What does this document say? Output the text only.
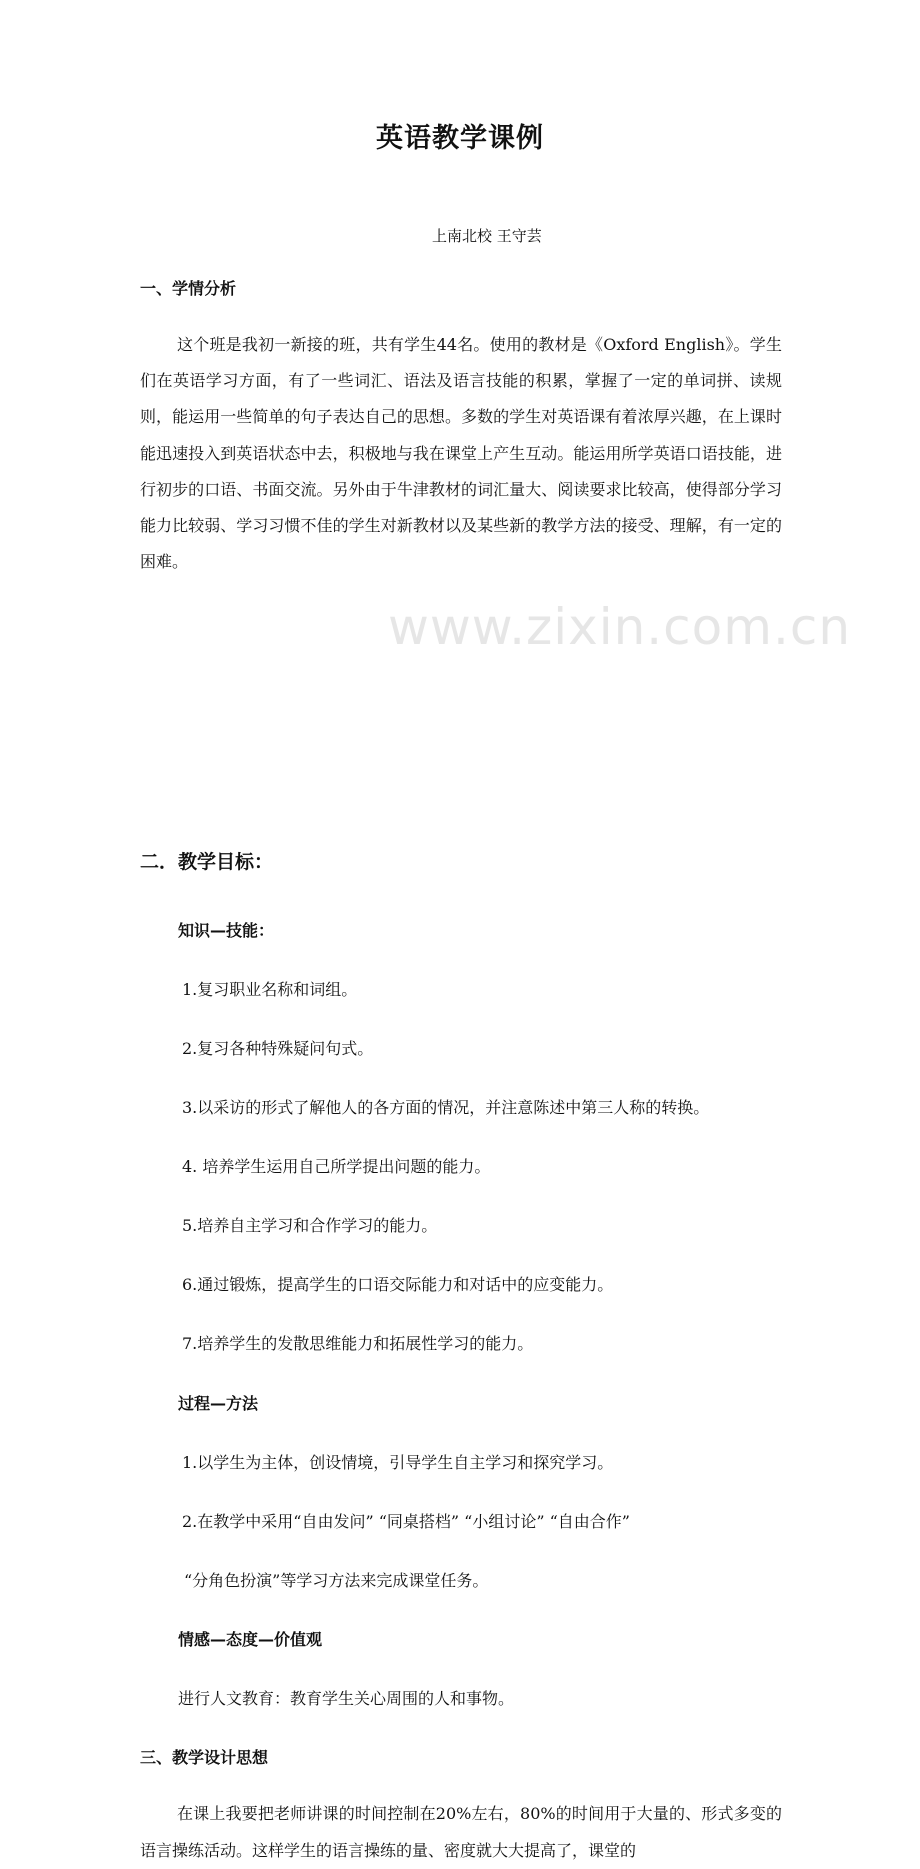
www.zixin.com.cn
英语教学课例
上南北校 王守芸
一、学情分析
这个班是我初一新接的班，共有学生44名。使用的教材是《Oxford English》。学生们在英语学习方面，有了一些词汇、语法及语言技能的积累，掌握了一定的单词拼、读规则，能运用一些简单的句子表达自己的思想。多数的学生对英语课有着浓厚兴趣，在上课时能迅速投入到英语状态中去，积极地与我在课堂上产生互动。能运用所学英语口语技能，进行初步的口语、书面交流。另外由于牛津教材的词汇量大、阅读要求比较高，使得部分学习能力比较弱、学习习惯不佳的学生对新教材以及某些新的教学方法的接受、理解，有一定的困难。
二．教学目标：
知识—技能：
1.复习职业名称和词组。
2.复习各种特殊疑问句式。
3.以采访的形式了解他人的各方面的情况，并注意陈述中第三人称的转换。
4. 培养学生运用自己所学提出问题的能力。
5.培养自主学习和合作学习的能力。
6.通过锻炼，提高学生的口语交际能力和对话中的应变能力。
7.培养学生的发散思维能力和拓展性学习的能力。
过程—方法
1.以学生为主体，创设情境，引导学生自主学习和探究学习。
2.在教学中采用“自由发问” “同桌搭档” “小组讨论” “自由合作”
“分角色扮演”等学习方法来完成课堂任务。
情感—态度—价值观
进行人文教育：教育学生关心周围的人和事物。
三、教学设计思想
在课上我要把老师讲课的时间控制在20%左右，80%的时间用于大量的、形式多变的语言操练活动。这样学生的语言操练的量、密度就大大提高了，课堂的
